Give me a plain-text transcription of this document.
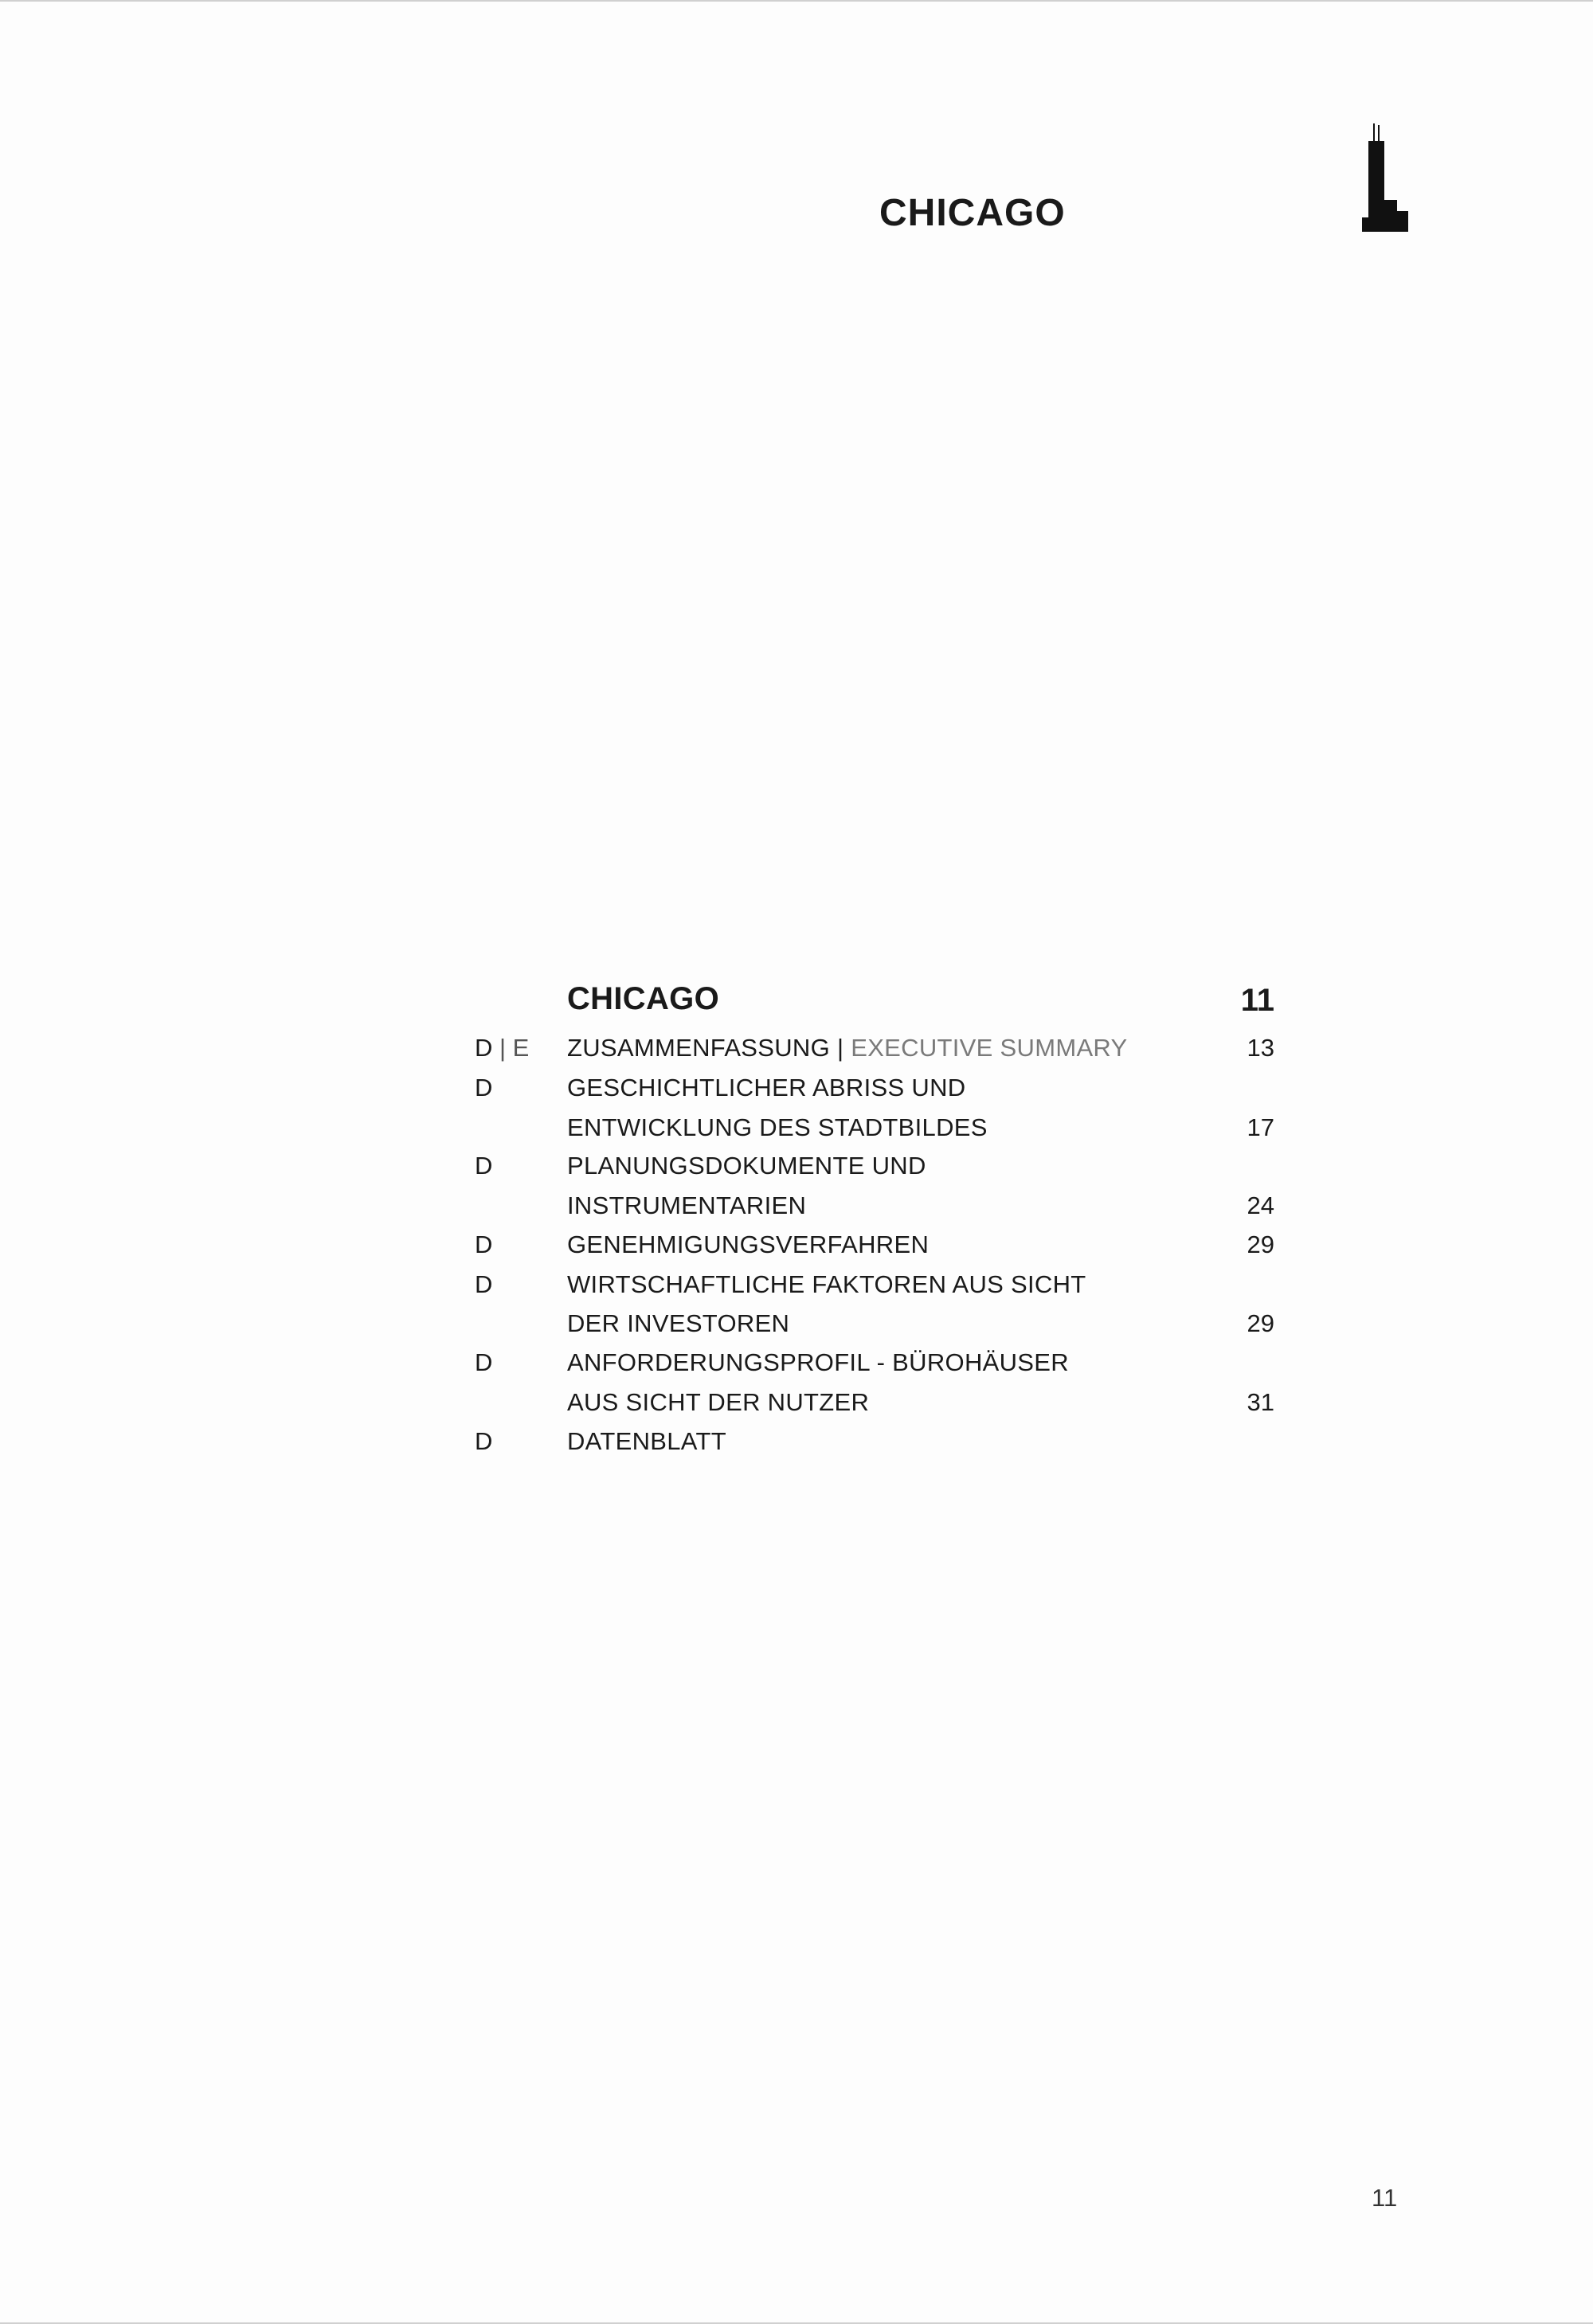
CHICAGO
CHICAGO	11
D | E ZUSAMMENFASSUNG | EXECUTIVE SUMMARY	13
D	GESCHICHTLICHER ABRISS UND
ENTWICKLUNG DES STADTBILDES	17
D	PLANUNGSDOKUMENTE UND
INSTRUMENTARIEN	24
D	GENEHMIGUNGSVERFAHREN	29
D	WIRTSCHAFTLICHE FAKTOREN AUS SICHT
DER INVESTOREN	29
D	ANFORDERUNGSPROFIL - BÜROHÄUSER
AUS SICHT DER NUTZER	31
D	DATENBLATT
11
